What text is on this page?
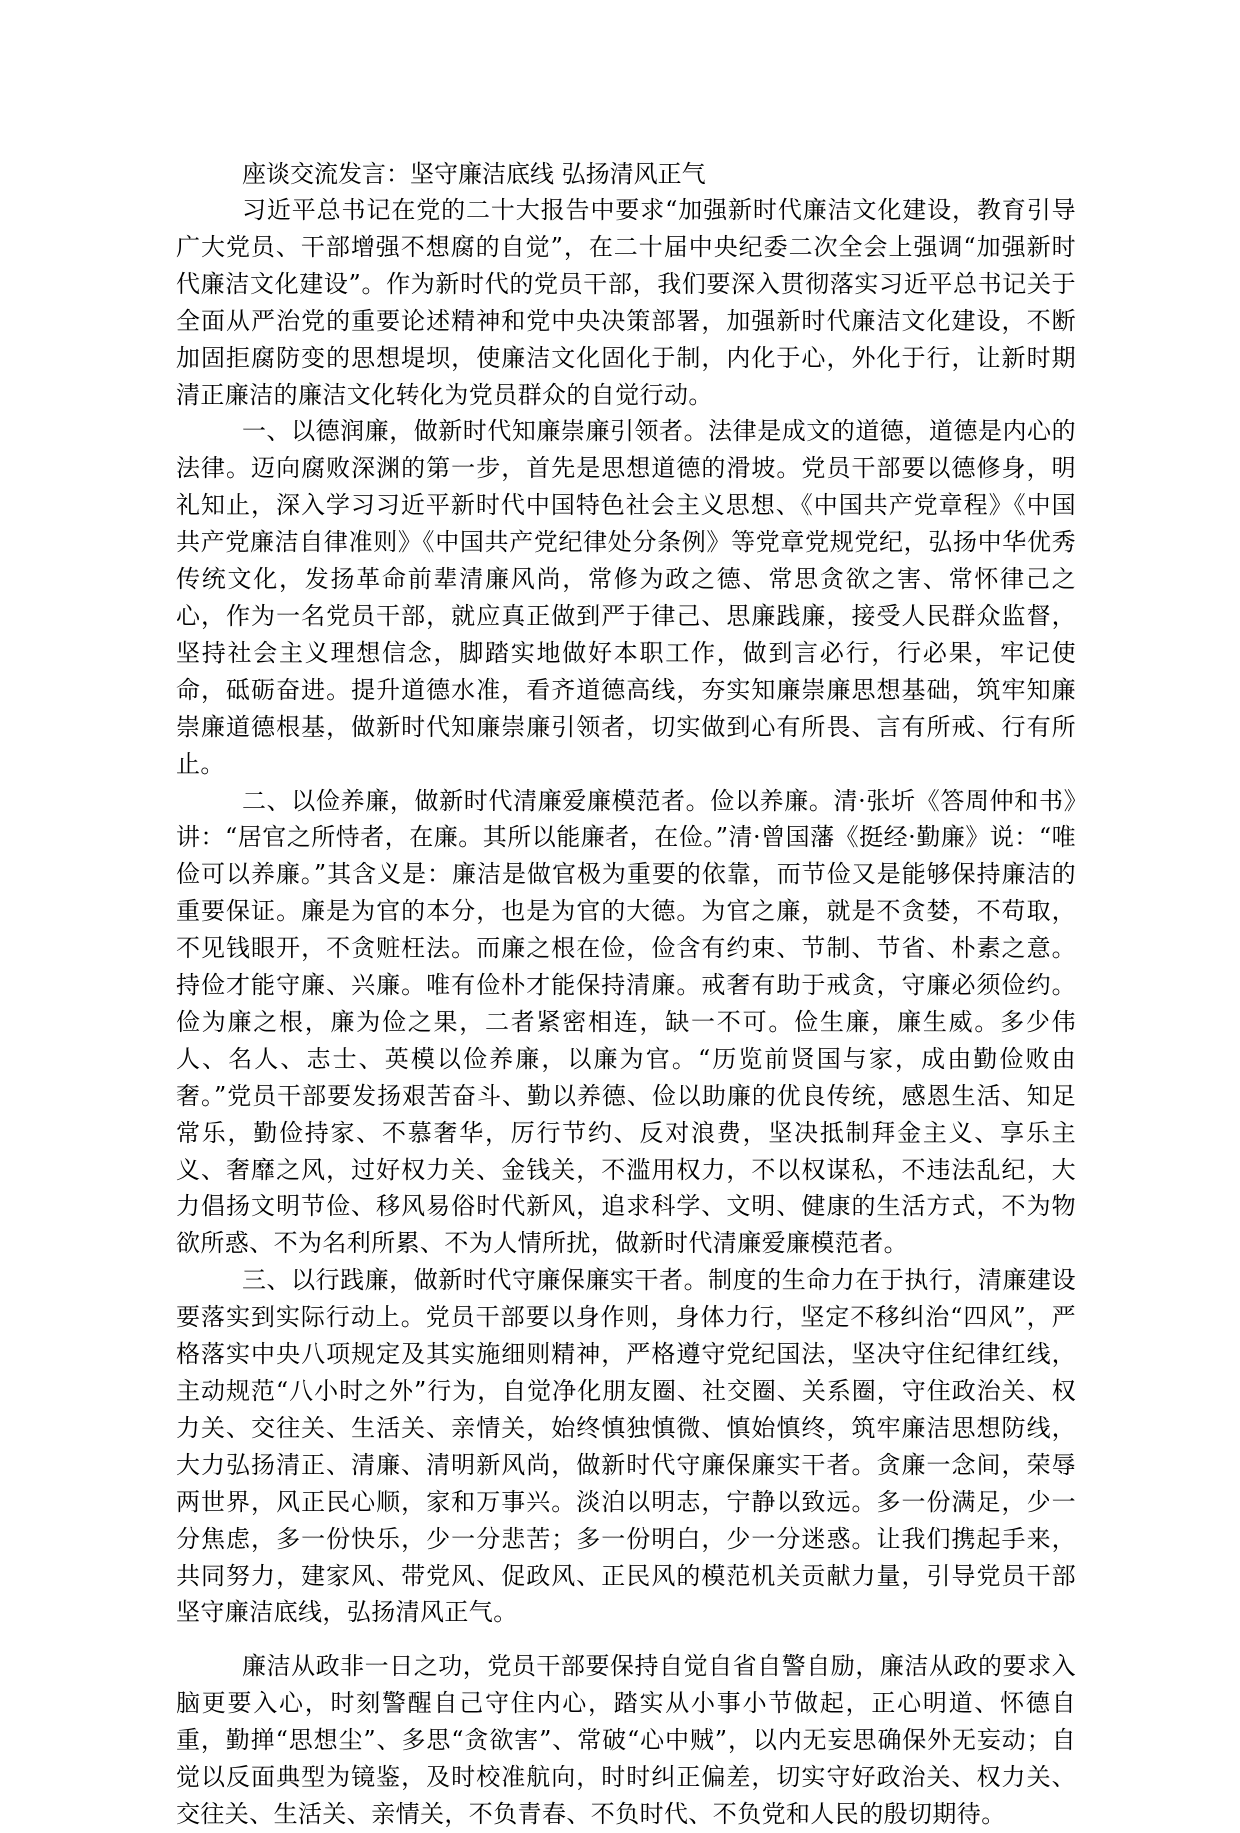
座谈交流发言：坚守廉洁底线 弘扬清风正气

习近平总书记在党的二十大报告中要求“加强新时代廉洁文化建设，教育引导广大党员、干部增强不想腐的自觉”，在二十届中央纪委二次全会上强调“加强新时代廉洁文化建设”。作为新时代的党员干部，我们要深入贯彻落实习近平总书记关于全面从严治党的重要论述精神和党中央决策部署，加强新时代廉洁文化建设，不断加固拒腐防变的思想堤坝，使廉洁文化固化于制，内化于心，外化于行，让新时期清正廉洁的廉洁文化转化为党员群众的自觉行动。

一、以德润廉，做新时代知廉崇廉引领者。法律是成文的道德，道德是内心的法律。迈向腐败深渊的第一步，首先是思想道德的滑坡。党员干部要以德修身，明礼知止，深入学习习近平新时代中国特色社会主义思想、《中国共产党章程》《中国共产党廉洁自律准则》《中国共产党纪律处分条例》等党章党规党纪，弘扬中华优秀传统文化，发扬革命前辈清廉风尚，常修为政之德、常思贪欲之害、常怀律己之心，作为一名党员干部，就应真正做到严于律己、思廉践廉，接受人民群众监督，坚持社会主义理想信念，脚踏实地做好本职工作，做到言必行，行必果，牢记使命，砥砺奋进。提升道德水准，看齐道德高线，夯实知廉崇廉思想基础，筑牢知廉崇廉道德根基，做新时代知廉崇廉引领者，切实做到心有所畏、言有所戒、行有所止。

二、以俭养廉，做新时代清廉爱廉模范者。俭以养廉。清·张圻《答周仲和书》讲：“居官之所恃者，在廉。其所以能廉者，在俭。”清·曾国藩《挺经·勤廉》说：“唯俭可以养廉。”其含义是：廉洁是做官极为重要的依靠，而节俭又是能够保持廉洁的重要保证。廉是为官的本分，也是为官的大德。为官之廉，就是不贪婪，不苟取，不见钱眼开，不贪赃枉法。而廉之根在俭，俭含有约束、节制、节省、朴素之意。持俭才能守廉、兴廉。唯有俭朴才能保持清廉。戒奢有助于戒贪，守廉必须俭约。俭为廉之根，廉为俭之果，二者紧密相连，缺一不可。俭生廉，廉生威。多少伟人、名人、志士、英模以俭养廉，以廉为官。“历览前贤国与家，成由勤俭败由奢。”党员干部要发扬艰苦奋斗、勤以养德、俭以助廉的优良传统，感恩生活、知足常乐，勤俭持家、不慕奢华，厉行节约、反对浪费，坚决抵制拜金主义、享乐主义、奢靡之风，过好权力关、金钱关，不滥用权力，不以权谋私，不违法乱纪，大力倡扬文明节俭、移风易俗时代新风，追求科学、文明、健康的生活方式，不为物欲所惑、不为名利所累、不为人情所扰，做新时代清廉爱廉模范者。

三、以行践廉，做新时代守廉保廉实干者。制度的生命力在于执行，清廉建设要落实到实际行动上。党员干部要以身作则，身体力行，坚定不移纠治“四风”，严格落实中央八项规定及其实施细则精神，严格遵守党纪国法，坚决守住纪律红线，主动规范“八小时之外”行为，自觉净化朋友圈、社交圈、关系圈，守住政治关、权力关、交往关、生活关、亲情关，始终慎独慎微、慎始慎终，筑牢廉洁思想防线，大力弘扬清正、清廉、清明新风尚，做新时代守廉保廉实干者。贪廉一念间，荣辱两世界，风正民心顺，家和万事兴。淡泊以明志，宁静以致远。多一份满足，少一分焦虑，多一份快乐，少一分悲苦；多一份明白，少一分迷惑。让我们携起手来，共同努力，建家风、带党风、促政风、正民风的模范机关贡献力量，引导党员干部坚守廉洁底线，弘扬清风正气。

廉洁从政非一日之功，党员干部要保持自觉自省自警自励，廉洁从政的要求入脑更要入心，时刻警醒自己守住内心，踏实从小事小节做起，正心明道、怀德自重，勤掸“思想尘”、多思“贪欲害”、常破“心中贼”，以内无妄思确保外无妄动；自觉以反面典型为镜鉴，及时校准航向，时时纠正偏差，切实守好政治关、权力关、交往关、生活关、亲情关，不负青春、不负时代、不负党和人民的殷切期待。
